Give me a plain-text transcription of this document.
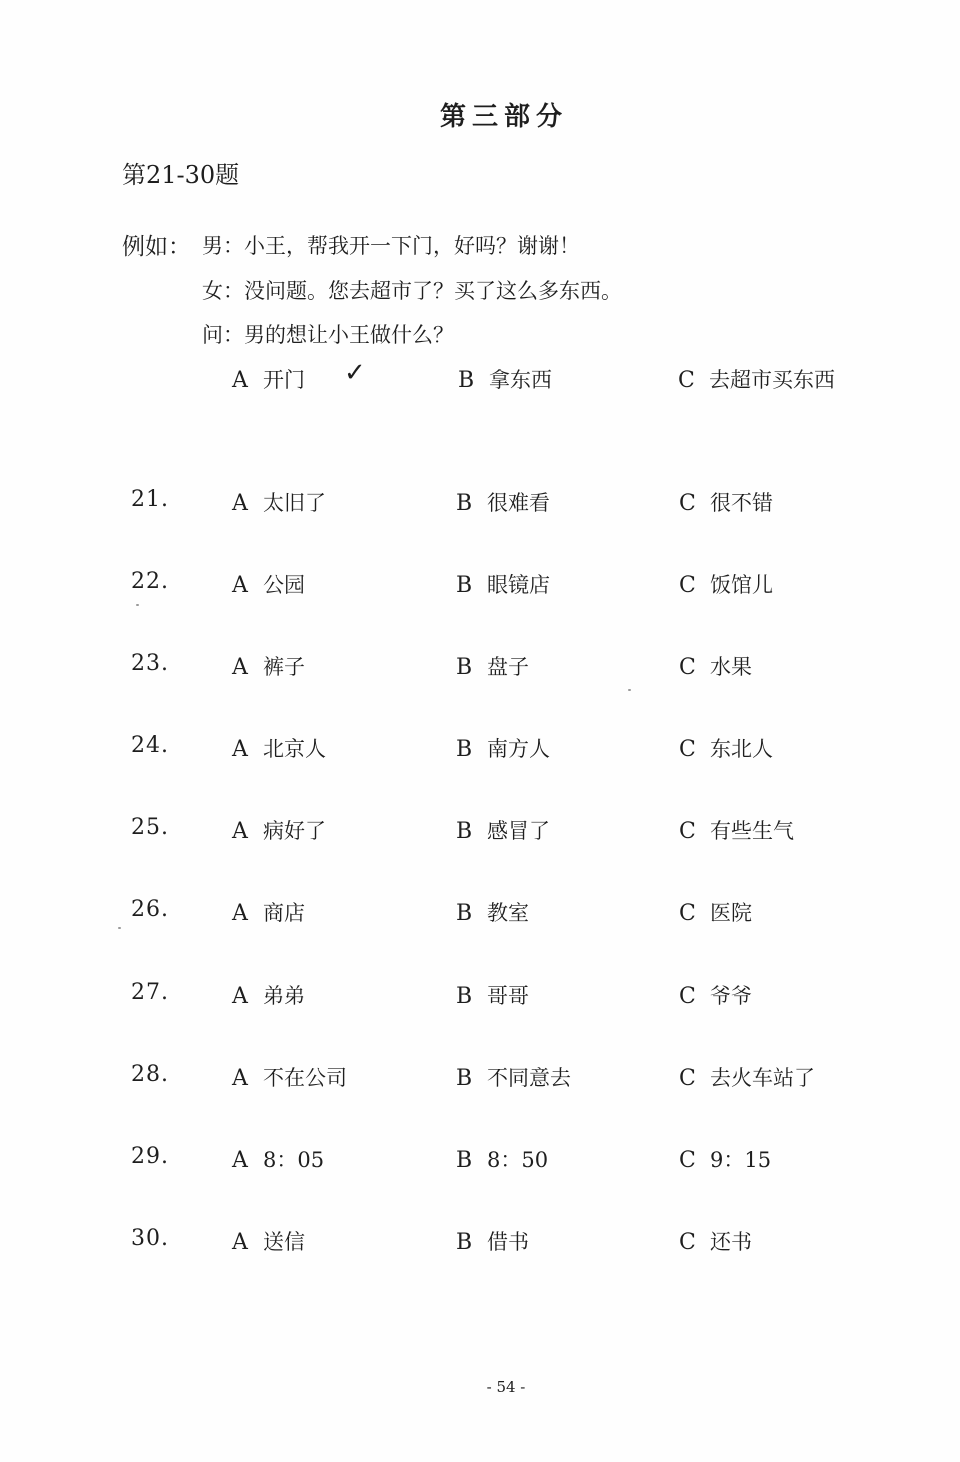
第三部分
第21-30题
例如： 男：小王，帮我开一下门，好吗？谢谢！
女：没问题。您去超市了？买了这么多东西。
问：男的想让小王做什么？
A 开门 ✓	B 拿东西	C 去超市买东西
21.	A 太旧了	B 很难看	C 很不错
22.	A 公园	B 眼镜店	C 饭馆儿
23.	A 裤子	B 盘子	C 水果
24.	A 北京人	B 南方人	C 东北人
25.	A 病好了	B 感冒了	C 有些生气
26.	A 商店	B 教室	C 医院
27.	A 弟弟	B 哥哥	C 爷爷
28.	A 不在公司	B 不同意去	C 去火车站了
29.	A 8：05	B 8：50	C 9：15
30.	A 送信	B 借书	C 还书
- 54 -
